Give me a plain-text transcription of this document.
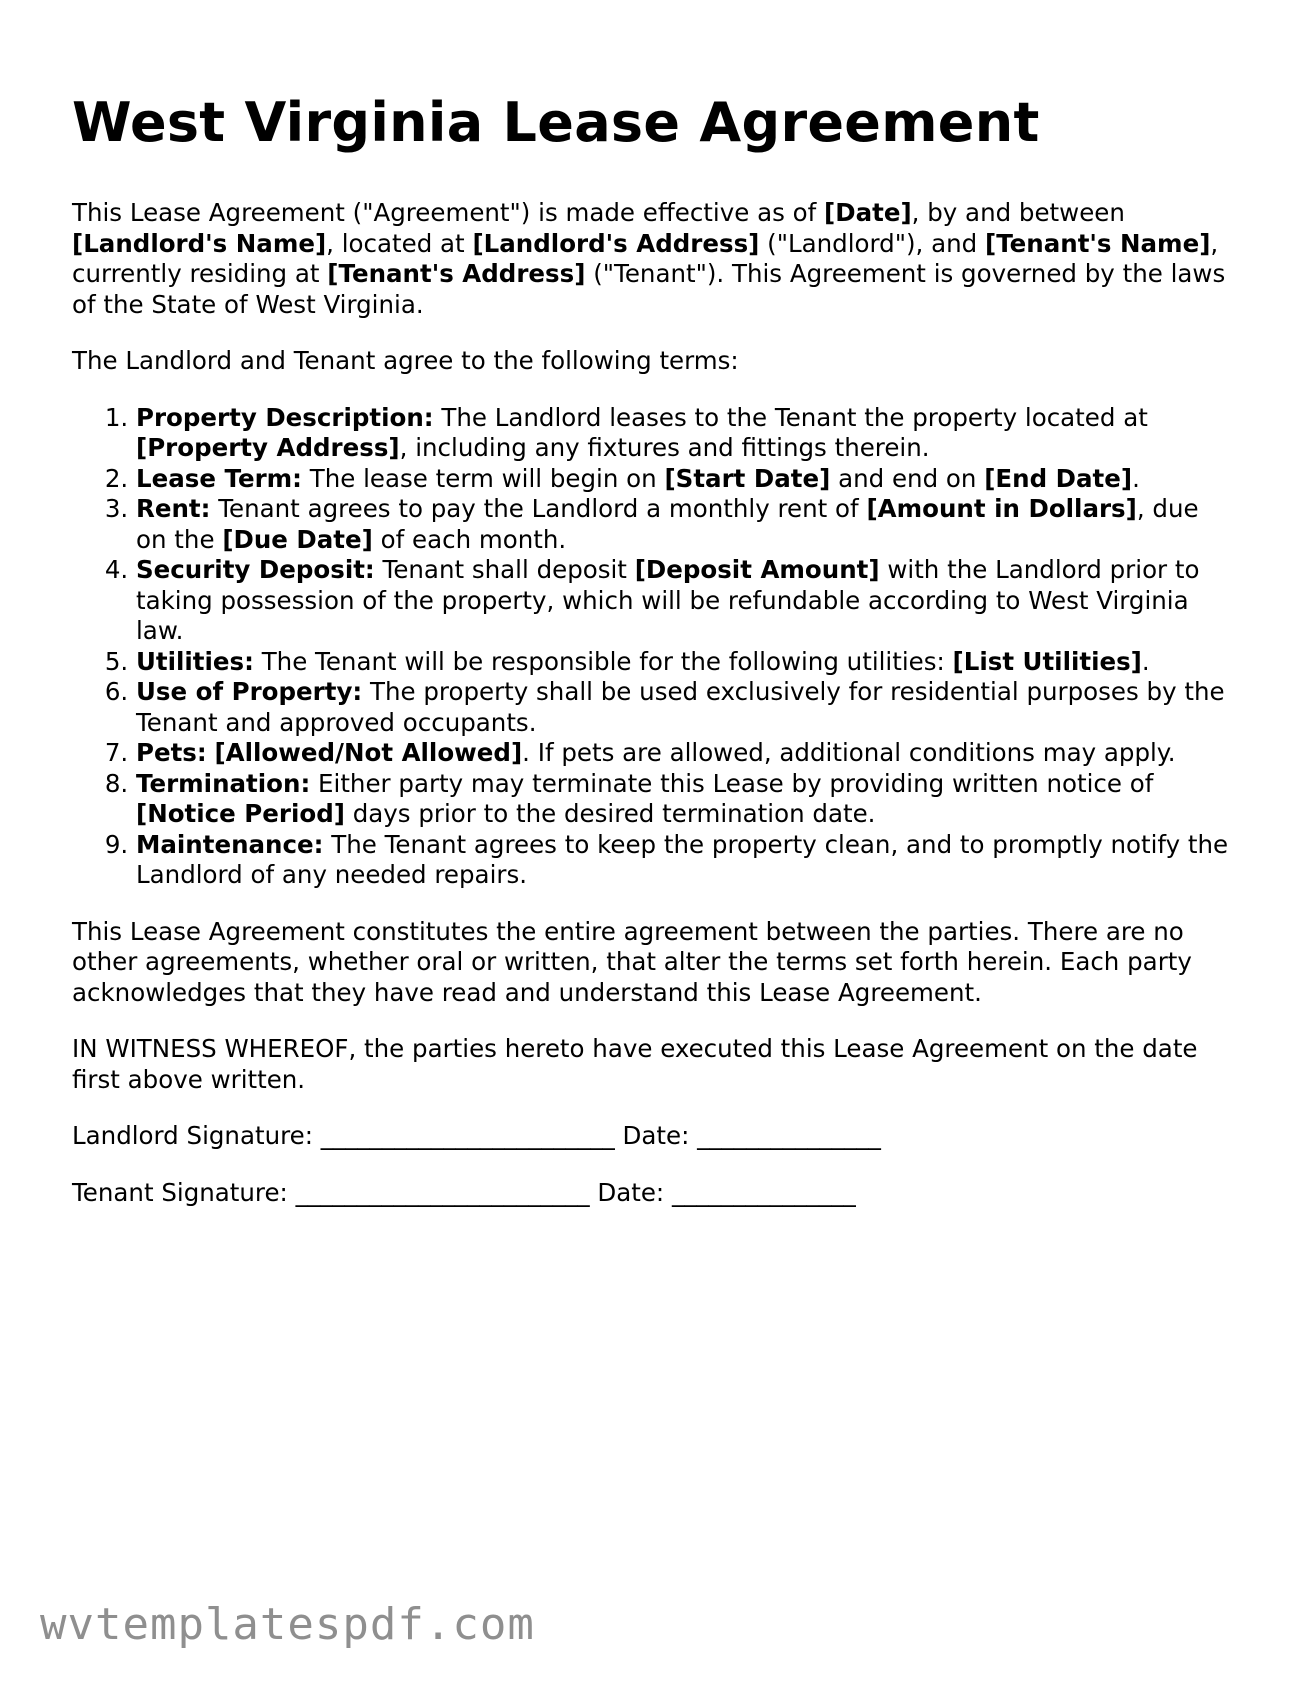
West Virginia Lease Agreement

This Lease Agreement ("Agreement") is made effective as of [Date], by and between [Landlord's Name], located at [Landlord's Address] ("Landlord"), and [Tenant's Name], currently residing at [Tenant's Address] ("Tenant"). This Agreement is governed by the laws of the State of West Virginia.

The Landlord and Tenant agree to the following terms:

1. Property Description: The Landlord leases to the Tenant the property located at [Property Address], including any fixtures and fittings therein.
2. Lease Term: The lease term will begin on [Start Date] and end on [End Date].
3. Rent: Tenant agrees to pay the Landlord a monthly rent of [Amount in Dollars], due on the [Due Date] of each month.
4. Security Deposit: Tenant shall deposit [Deposit Amount] with the Landlord prior to taking possession of the property, which will be refundable according to West Virginia law.
5. Utilities: The Tenant will be responsible for the following utilities: [List Utilities].
6. Use of Property: The property shall be used exclusively for residential purposes by the Tenant and approved occupants.
7. Pets: [Allowed/Not Allowed]. If pets are allowed, additional conditions may apply.
8. Termination: Either party may terminate this Lease by providing written notice of [Notice Period] days prior to the desired termination date.
9. Maintenance: The Tenant agrees to keep the property clean, and to promptly notify the Landlord of any needed repairs.

This Lease Agreement constitutes the entire agreement between the parties. There are no other agreements, whether oral or written, that alter the terms set forth herein. Each party acknowledges that they have read and understand this Lease Agreement.

IN WITNESS WHEREOF, the parties hereto have executed this Lease Agreement on the date first above written.

Landlord Signature: ________________________ Date: _______________
Tenant Signature: ________________________ Date: _______________
wvtemplatespdf.com
